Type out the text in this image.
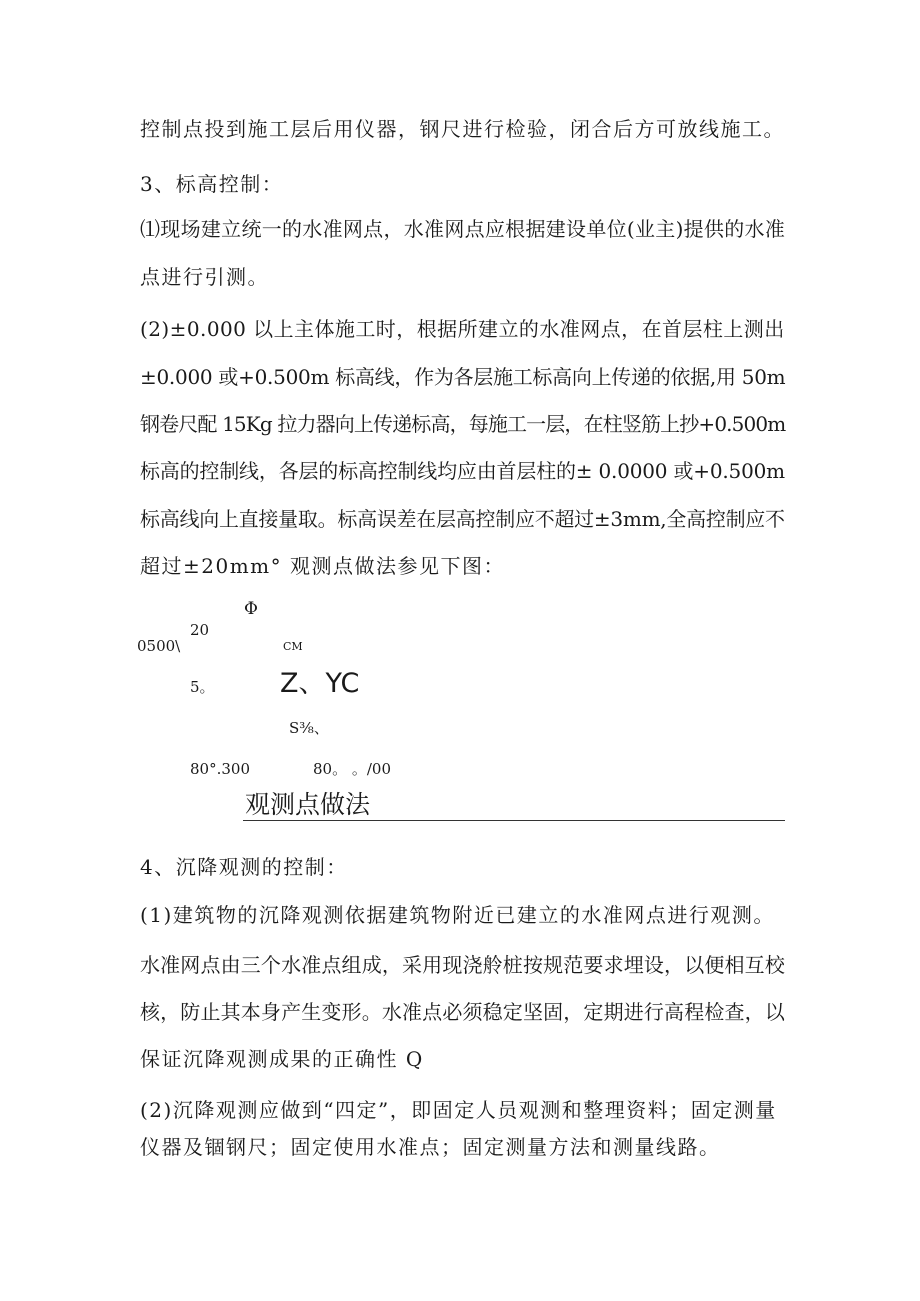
控制点投到施工层后用仪器，钢尺进行检验，闭合后方可放线施工。
3、标高控制：
⑴现场建立统一的水准网点，水准网点应根据建设单位(业主)提供的水准
点进行引测。
(2)±0.000 以上主体施工时，根据所建立的水准网点，在首层柱上测出
±0.000 或+0.500m 标高线，作为各层施工标高向上传递的依据,用 50m
钢卷尺配 15Kg 拉力器向上传递标高，每施工一层，在柱竖筋上抄+0.500m
标高的控制线，各层的标高控制线均应由首层柱的± 0.0000 或+0.500m
标高线向上直接量取。标高误差在层高控制应不超过±3mm,全高控制应不
超过±20mm° 观测点做法参见下图：
Φ
20
0500\	CM
5。 Z、YC
S⅜、
80°.300	80。 。/00
观测点做法
4、沉降观测的控制：
(1)建筑物的沉降观测依据建筑物附近已建立的水准网点进行观测。
水准网点由三个水准点组成，采用现浇舲桩按规范要求埋设，以便相互校
核，防止其本身产生变形。水准点必须稳定坚固，定期进行高程检查，以
保证沉降观测成果的正确性 Q
(2)沉降观测应做到“四定”，即固定人员观测和整理资料；固定测量
仪器及锢钢尺；固定使用水准点；固定测量方法和测量线路。
